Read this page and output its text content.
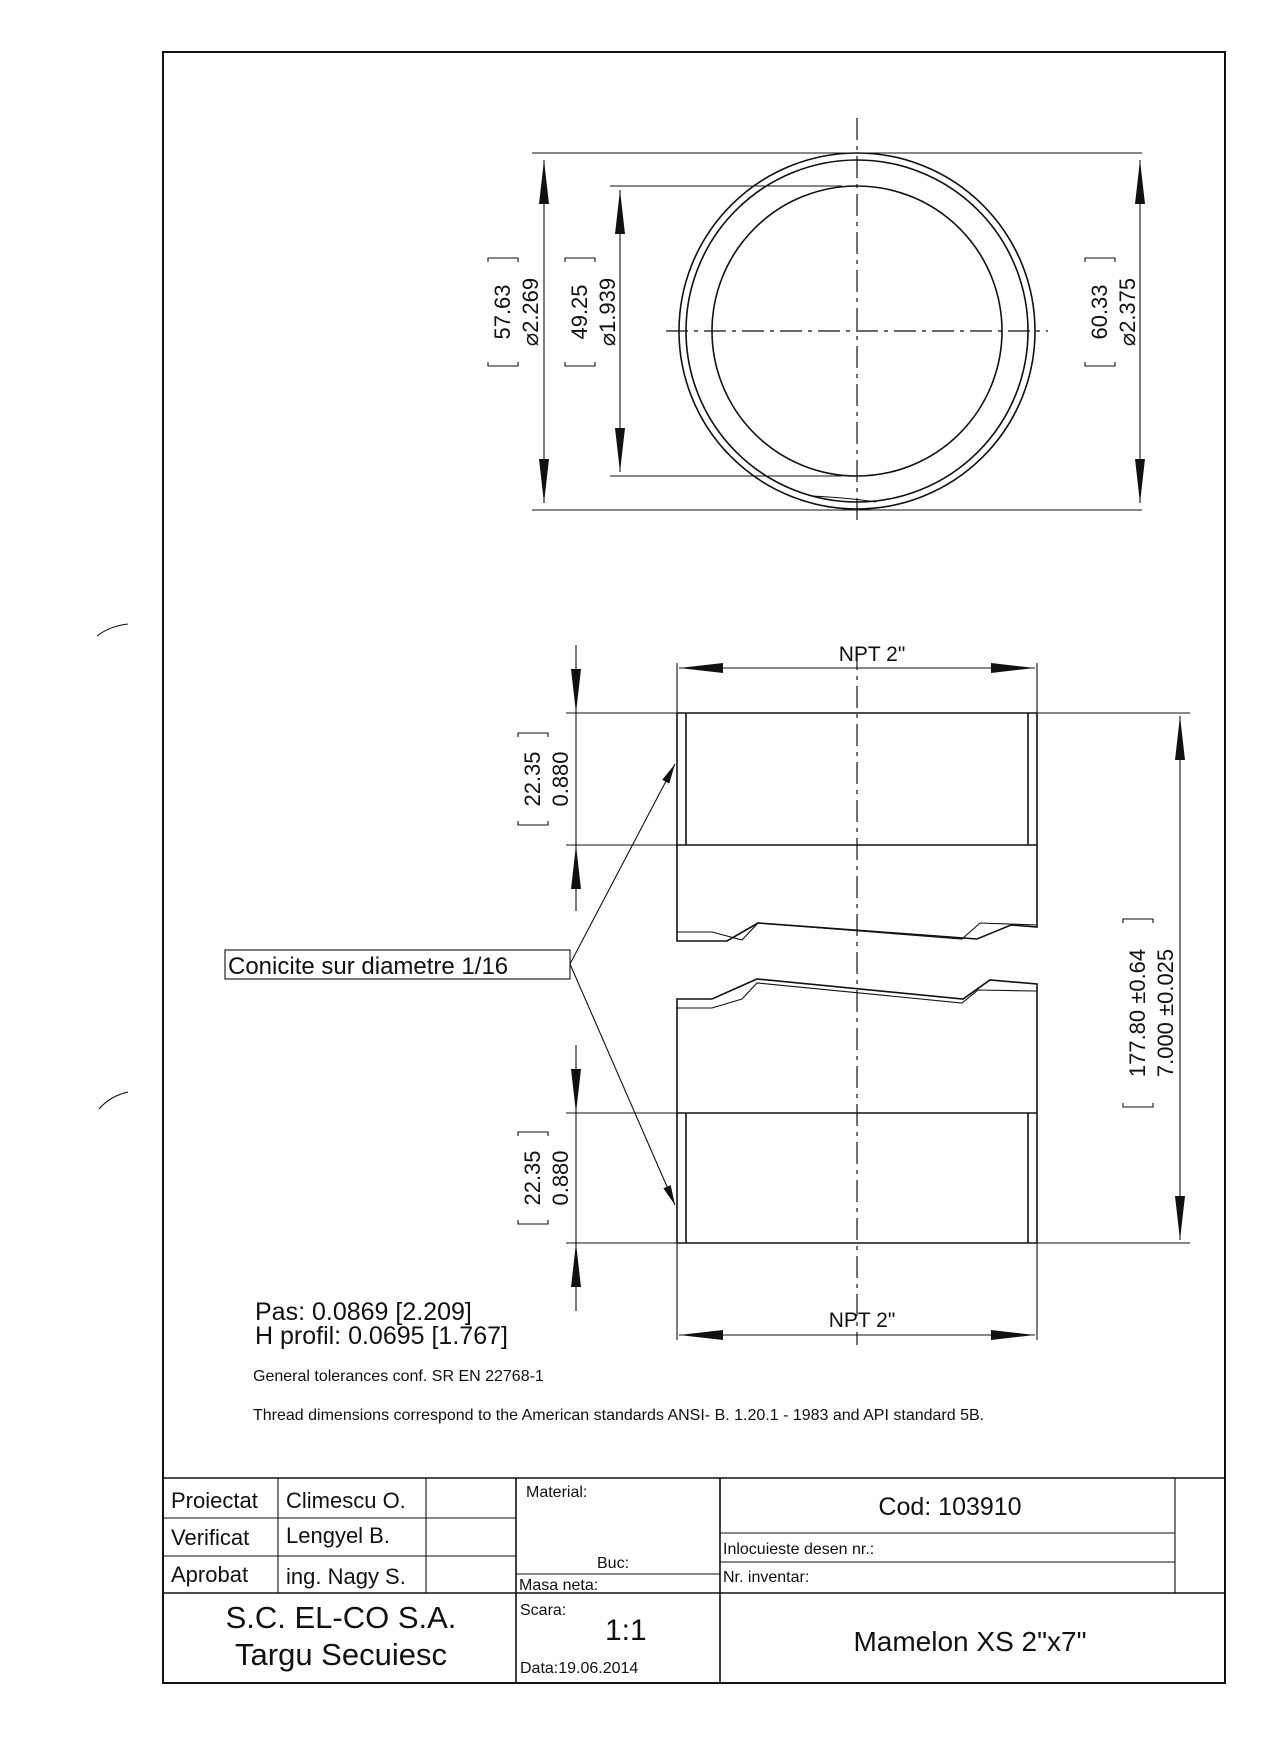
57.63 ⌀2.269 49.25 ⌀1.939	60.33 ⌀2.375
NPT 2"
NPT 2"
22.35 0.880
22.35 0.880
177.80 ±0.64 7.000 ±0.025
Conicite sur diametre 1/16
Pas: 0.0869 [2.209]
H profil: 0.0695 [1.767]
General tolerances conf. SR EN 22768-1
Thread dimensions correspond to the American standards ANSI- B. 1.20.1 - 1983 and API standard 5B.
Proiectat Climescu O.
Verificat Lengyel B.
Aprobat ing. Nagy S.
Material:
Buc:
Masa neta:
Cod: 103910
Inlocuieste desen nr.:
Nr. inventar:
S.C. EL-CO S.A.
Targu Secuiesc
Scara:
1:1
Data:19.06.2014
Mamelon XS 2"x7"
